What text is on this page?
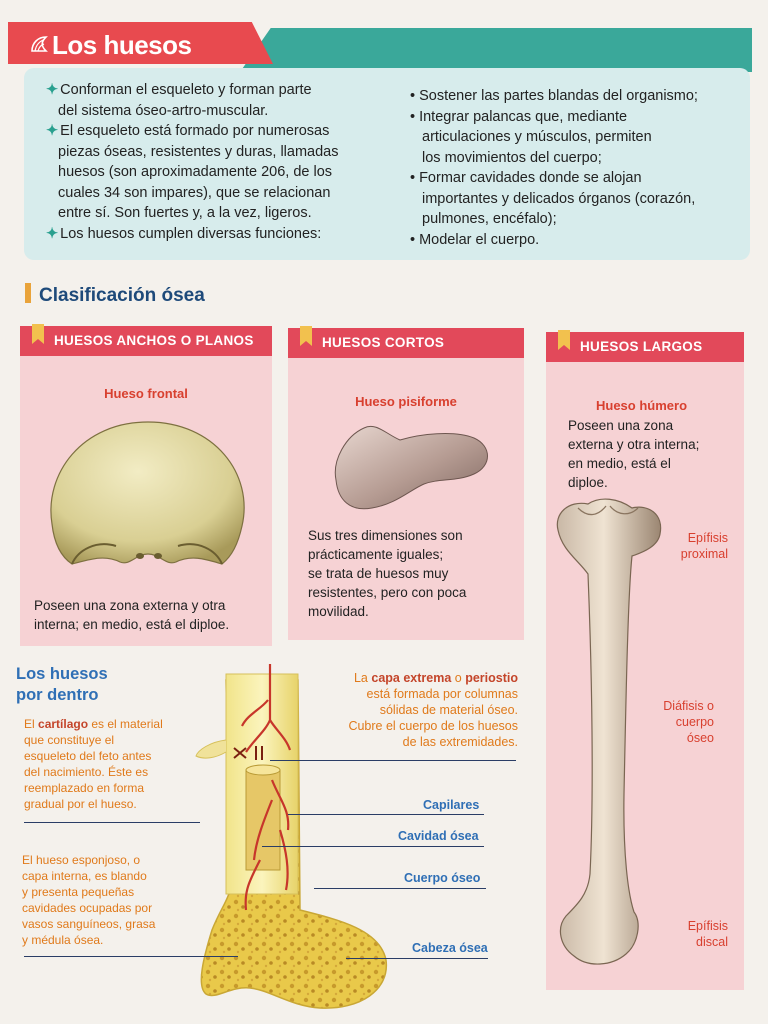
Los huesos

✦ Conforman el esqueleto y forman parte

del sistema óseo-artro-muscular.

✦ El esqueleto está formado por numerosas

piezas óseas, resistentes y duras, llamadas

huesos (son aproximadamente 206, de los

cuales 34 son impares), que se relacionan

entre sí. Son fuertes y, a la vez, ligeros.

✦ Los huesos cumplen diversas funciones:

• Sostener las partes blandas del organismo;

• Integrar palancas que, mediante

articulaciones y músculos, permiten

los movimientos del cuerpo;

• Formar cavidades donde se alojan

importantes y delicados órganos (corazón,

pulmones, encéfalo);

• Modelar el cuerpo.

Clasificación ósea
HUESOS ANCHOS O PLANOS
Hueso frontal
Poseen una zona externa y otra
interna; en medio, está el diploe.
HUESOS CORTOS
Hueso pisiforme
Sus tres dimensiones son
prácticamente iguales;
se trata de huesos muy
resistentes, pero con poca
movilidad.
HUESOS LARGOS
Hueso húmero
Poseen una zona
externa y otra interna;
en medio, está el
diploe.
Epífisis
proximal
Diáfisis o
cuerpo
óseo
Epífisis
discal
Los huesos
por dentro
El cartílago es el material
que constituye el
esqueleto del feto antes
del nacimiento. Éste es
reemplazado en forma
gradual por el hueso.
El hueso esponjoso, o
capa interna, es blando
y presenta pequeñas
cavidades ocupadas por
vasos sanguíneos, grasa
y médula ósea.
La capa extrema o periostio
está formada por columnas
sólidas de material óseo.
Cubre el cuerpo de los huesos
de las extremidades.
Capilares
Cavidad ósea
Cuerpo óseo
Cabeza ósea
